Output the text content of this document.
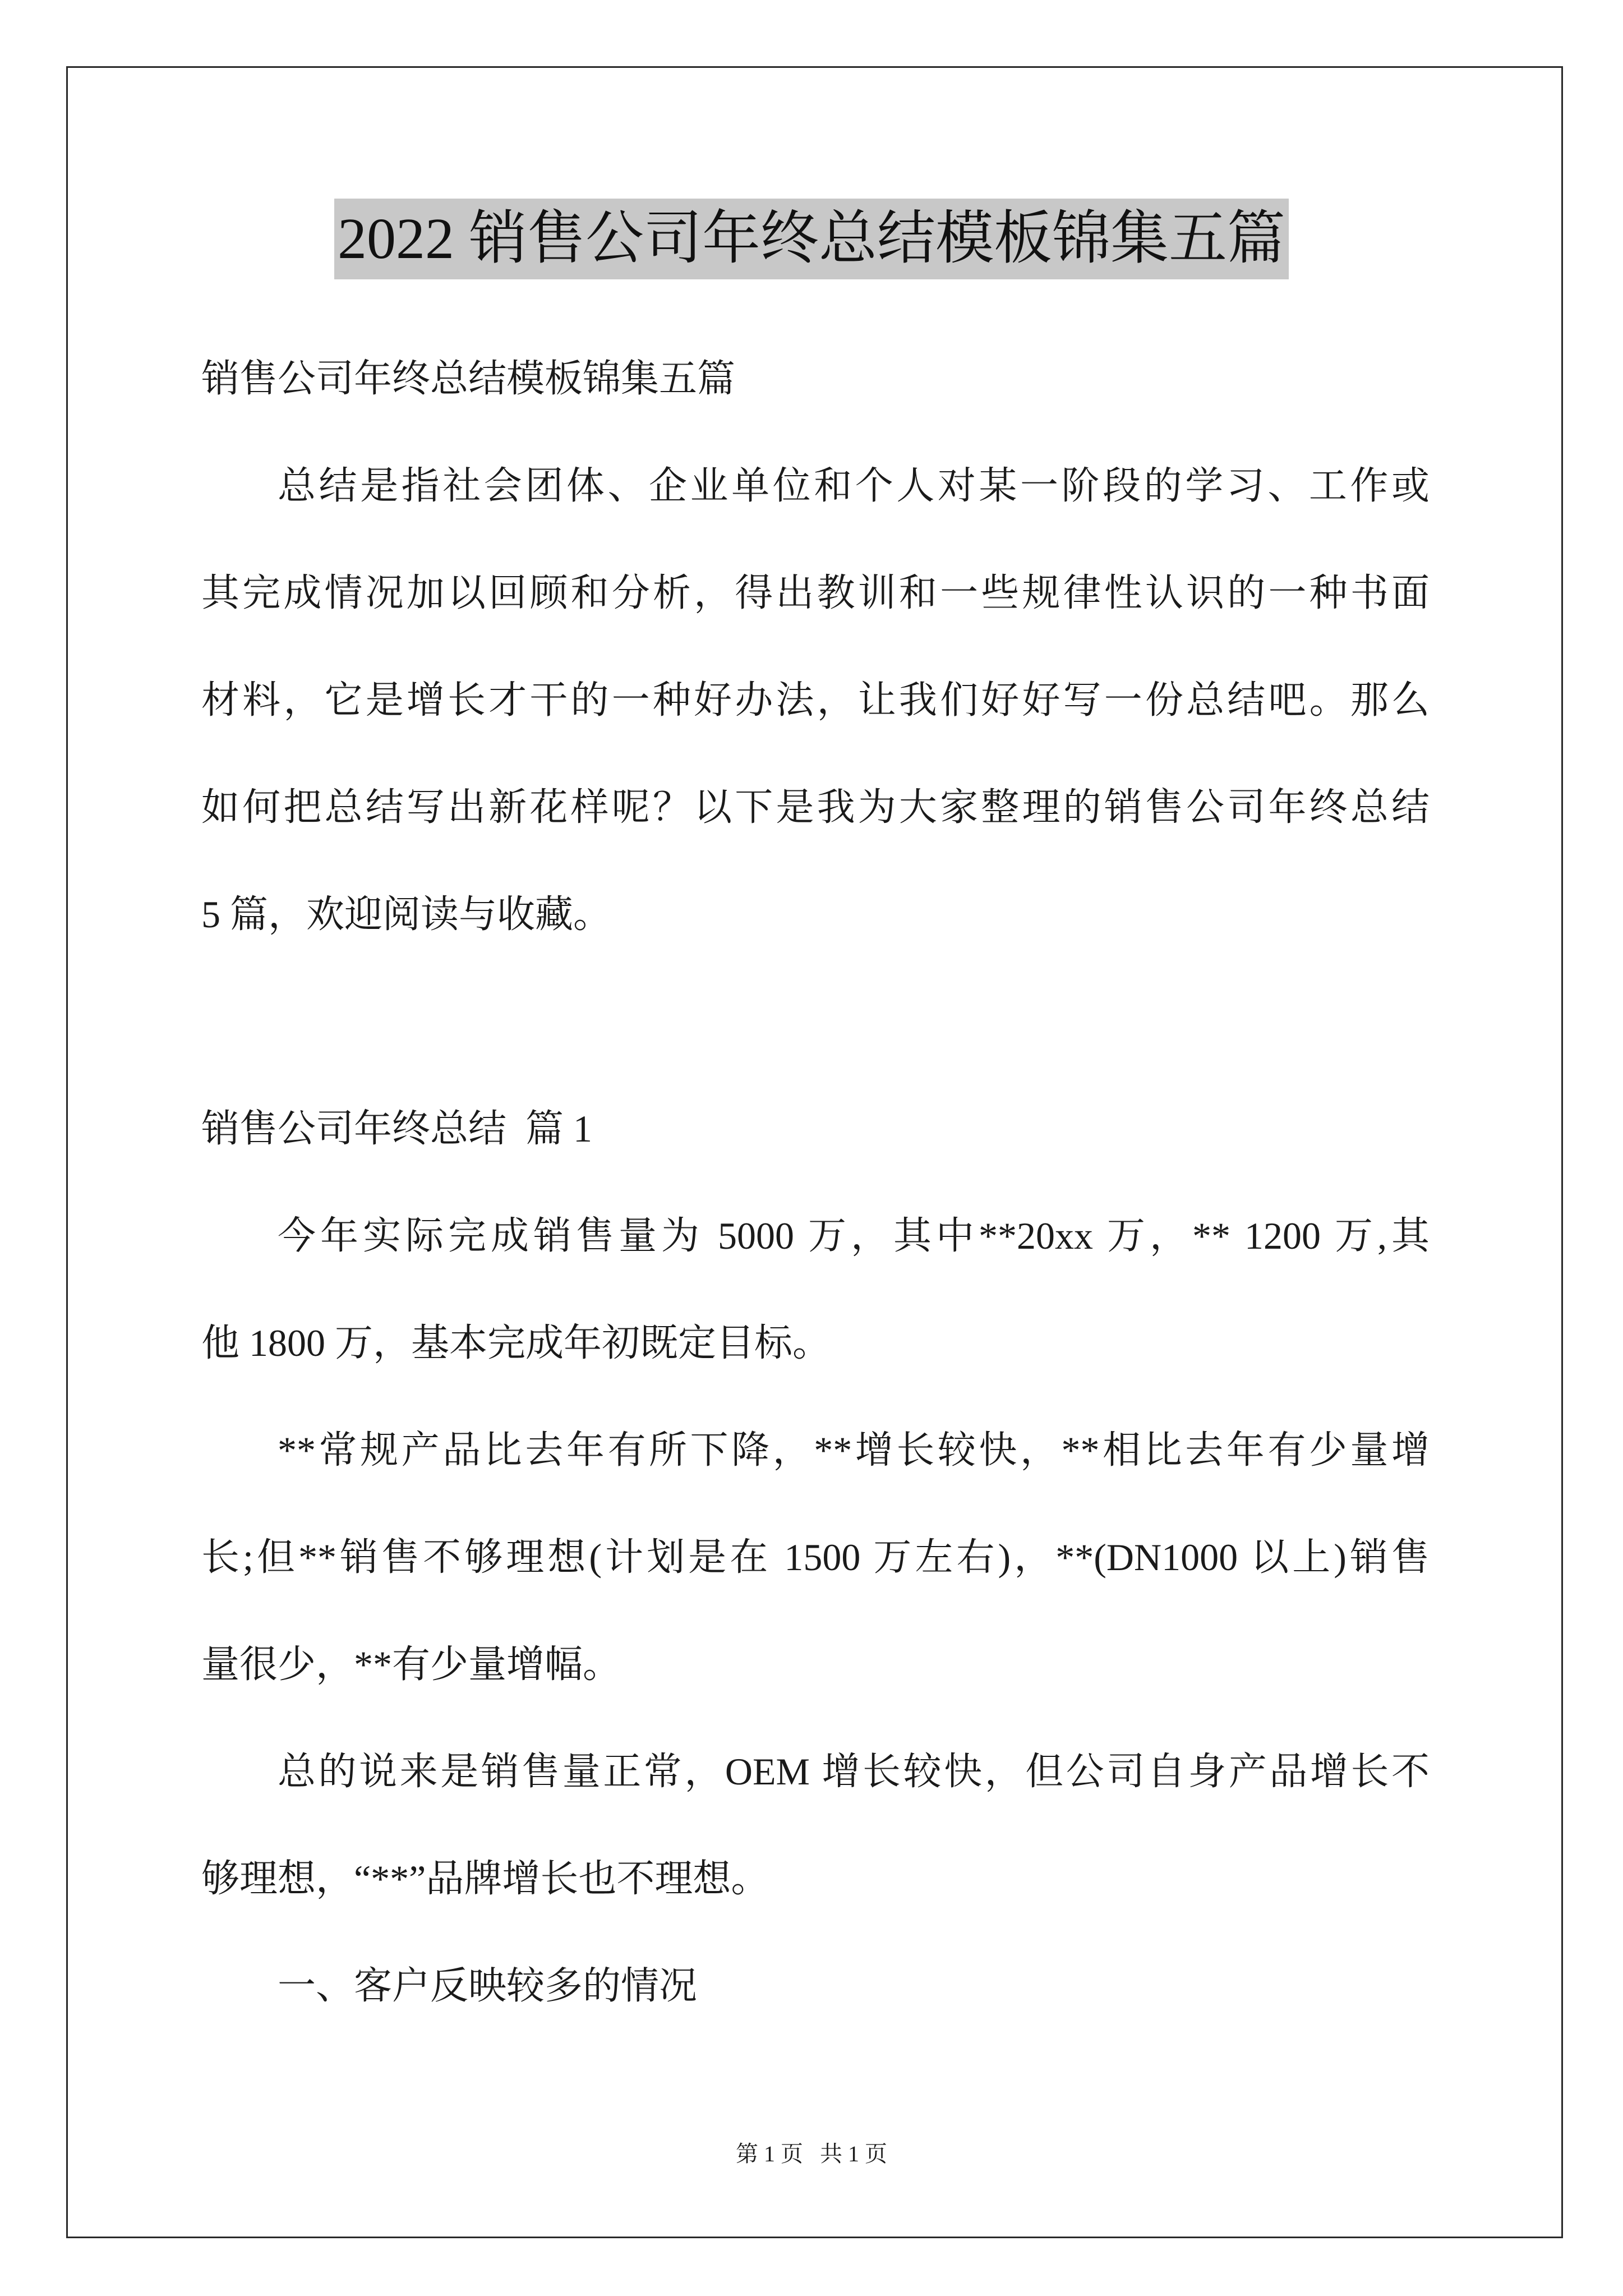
2022 销售公司年终总结模板锦集五篇
销售公司年终总结模板锦集五篇
总结是指社会团体、企业单位和个人对某一阶段的学习、工作或
其完成情况加以回顾和分析，得出教训和一些规律性认识的一种书面
材料，它是增长才干的一种好办法，让我们好好写一份总结吧。那么
如何把总结写出新花样呢？以下是我为大家整理的销售公司年终总结
5 篇，欢迎阅读与收藏。
销售公司年终总结  篇 1
今年实际完成销售量为 5000 万，其中**20xx 万，** 1200 万,其
他 1800 万，基本完成年初既定目标。
**常规产品比去年有所下降，**增长较快，**相比去年有少量增
长;但**销售不够理想(计划是在 1500 万左右)，**(DN1000 以上)销售
量很少，**有少量增幅。
总的说来是销售量正常，OEM 增长较快，但公司自身产品增长不
够理想，“**”品牌增长也不理想。
一、客户反映较多的情况
第 1 页   共 1 页
